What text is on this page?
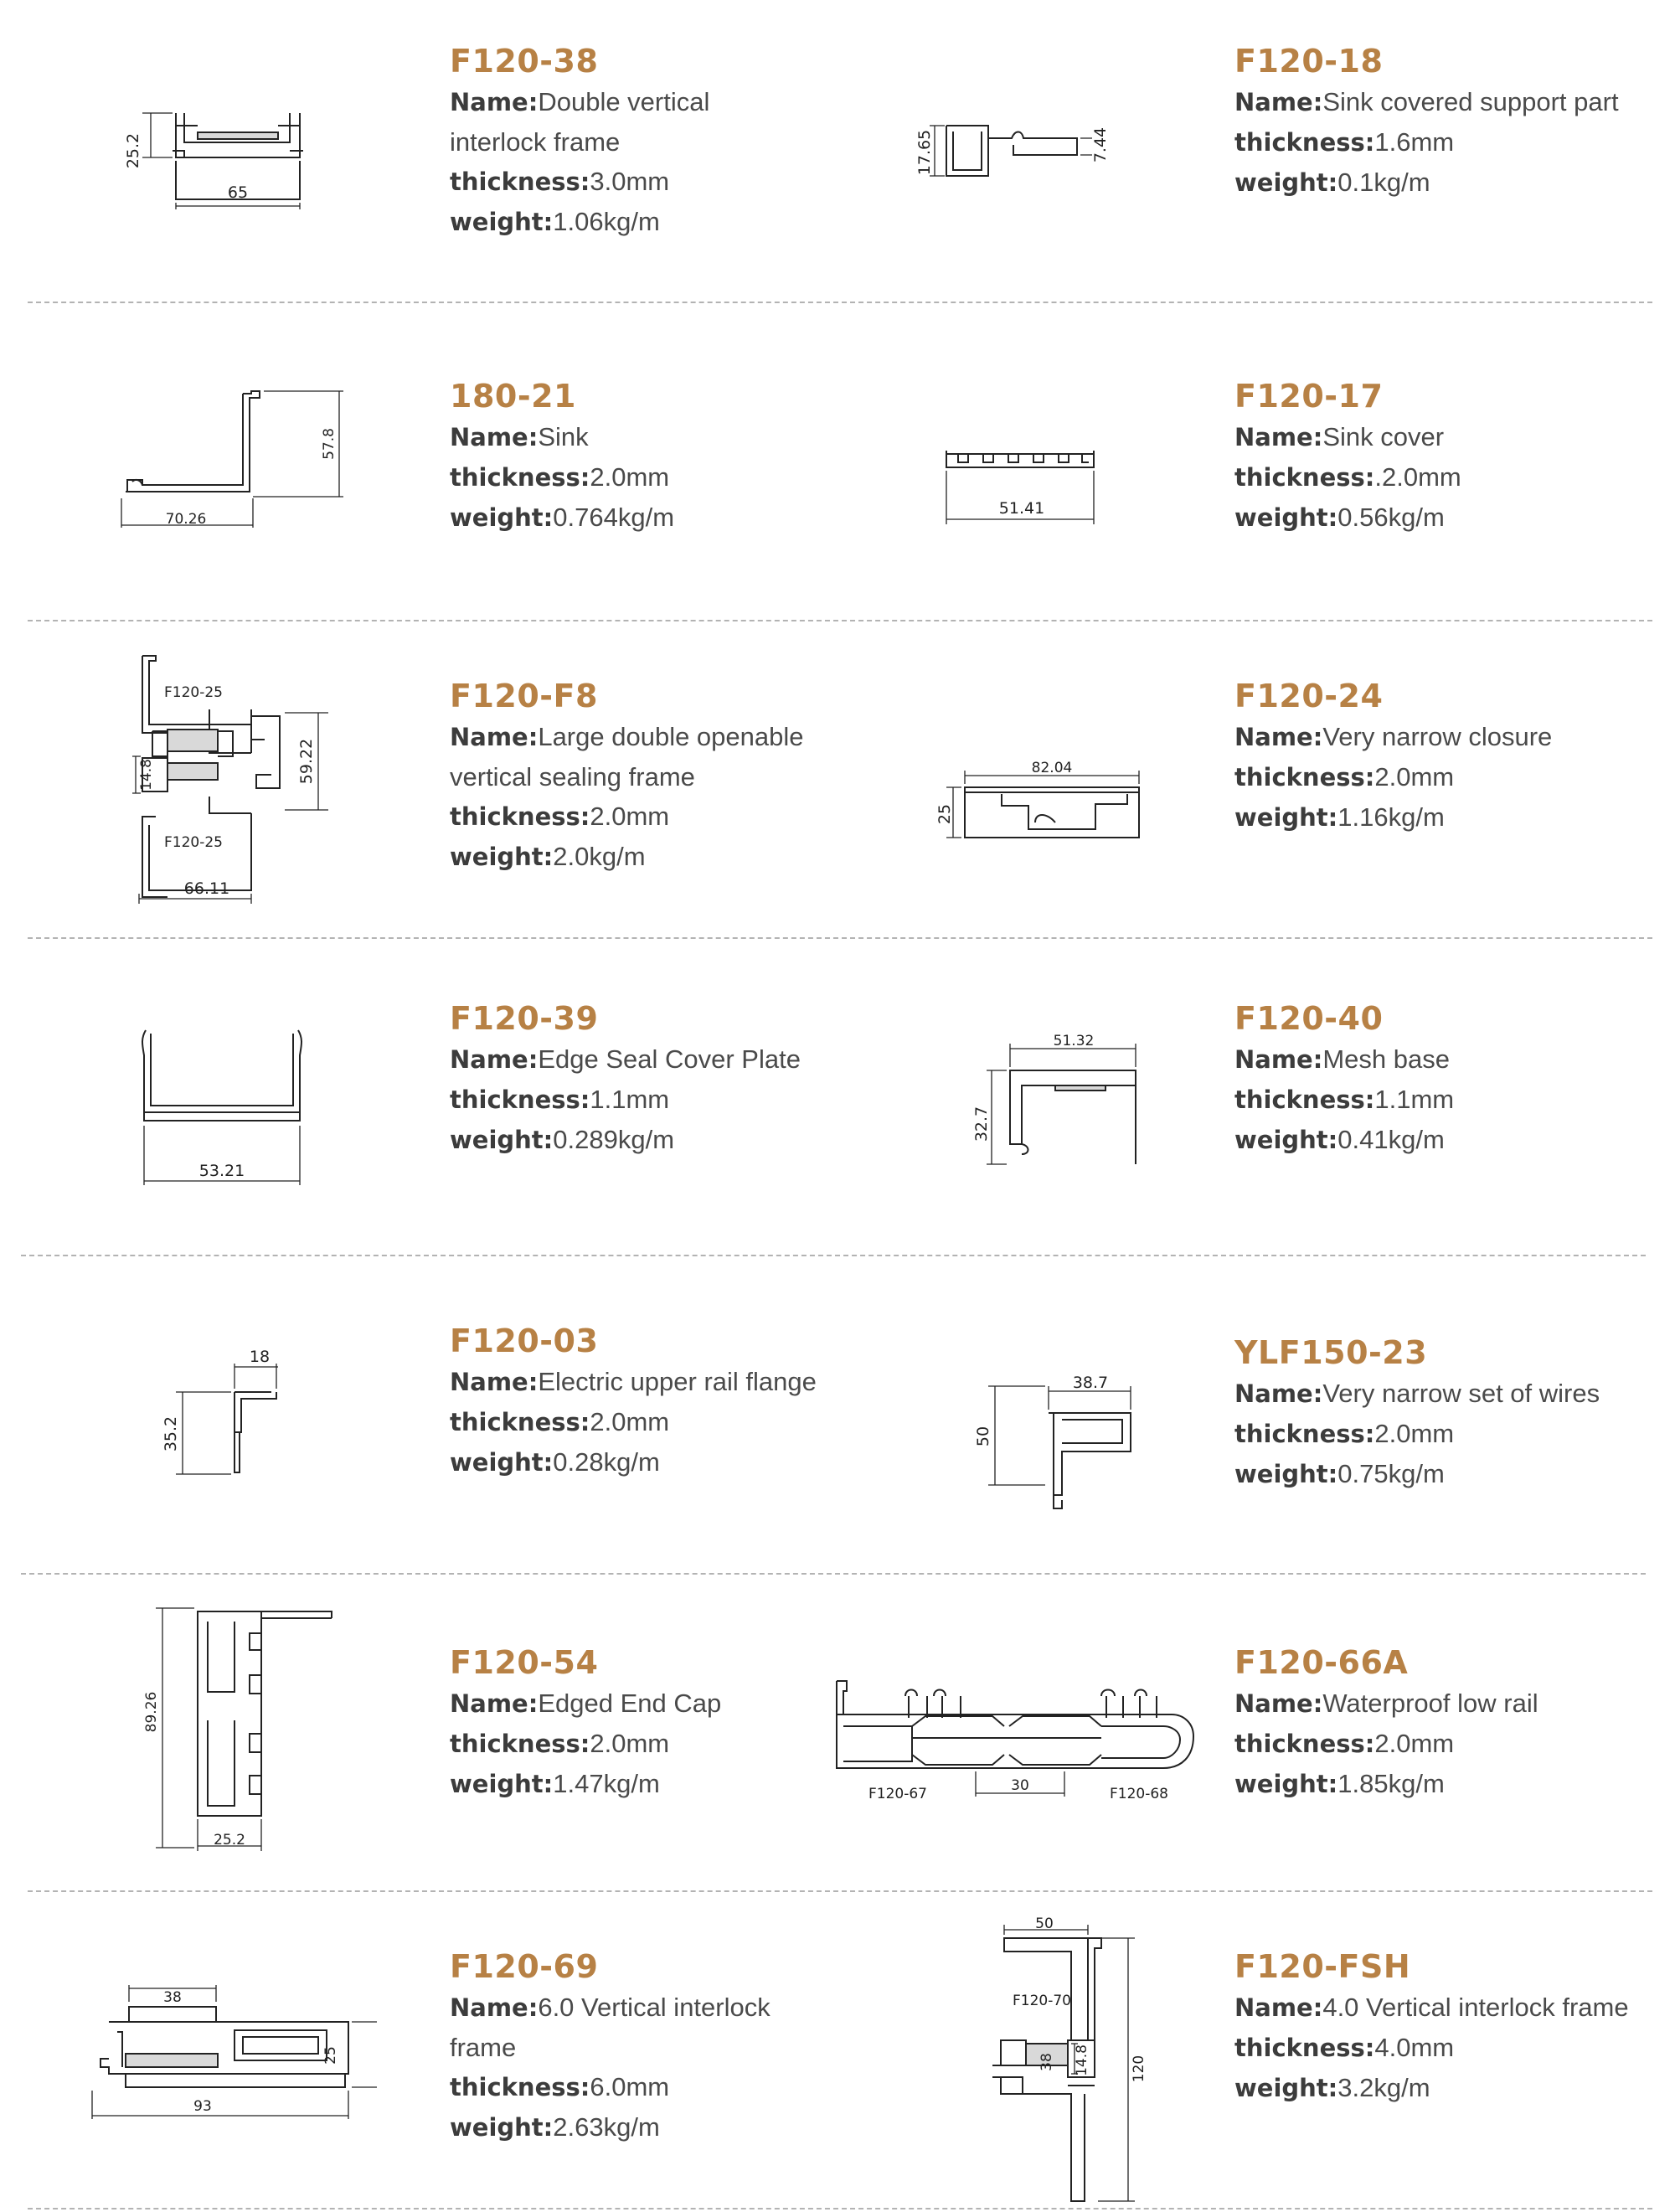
F120-38
Name:Double vertical
interlock frame
thickness:3.0mm
weight:1.06kg/m
F120-18
Name:Sink covered support part
thickness:1.6mm
weight:0.1kg/m
180-21
Name:Sink
thickness:2.0mm
weight:0.764kg/m
F120-17
Name:Sink cover
thickness:.2.0mm
weight:0.56kg/m
F120-F8
Name:Large double openable
vertical sealing frame
thickness:2.0mm
weight:2.0kg/m
F120-24
Name:Very narrow closure
thickness:2.0mm
weight:1.16kg/m
F120-39
Name:Edge Seal Cover Plate
thickness:1.1mm
weight:0.289kg/m
F120-40
Name:Mesh base
thickness:1.1mm
weight:0.41kg/m
F120-03
Name:Electric upper rail flange
thickness:2.0mm
weight:0.28kg/m
YLF150-23
Name:Very narrow set of wires
thickness:2.0mm
weight:0.75kg/m
F120-54
Name:Edged End Cap
thickness:2.0mm
weight:1.47kg/m
F120-66A
Name:Waterproof low rail
thickness:2.0mm
weight:1.85kg/m
F120-69
Name:6.0 Vertical interlock
frame
thickness:6.0mm
weight:2.63kg/m
F120-FSH
Name:4.0 Vertical interlock frame
thickness:4.0mm
weight:3.2kg/m
25.2
65
17.65	7.44
57.8
70.26
51.41
F120-25
14.8	59.22
F120-25
66.11
82.04
25
53.21
51.32
32.7
18
35.2
38.7
50
89.26
25.2
30
F120-67	F120-68
38
25
93
50
F120-70
38 14.8	120
